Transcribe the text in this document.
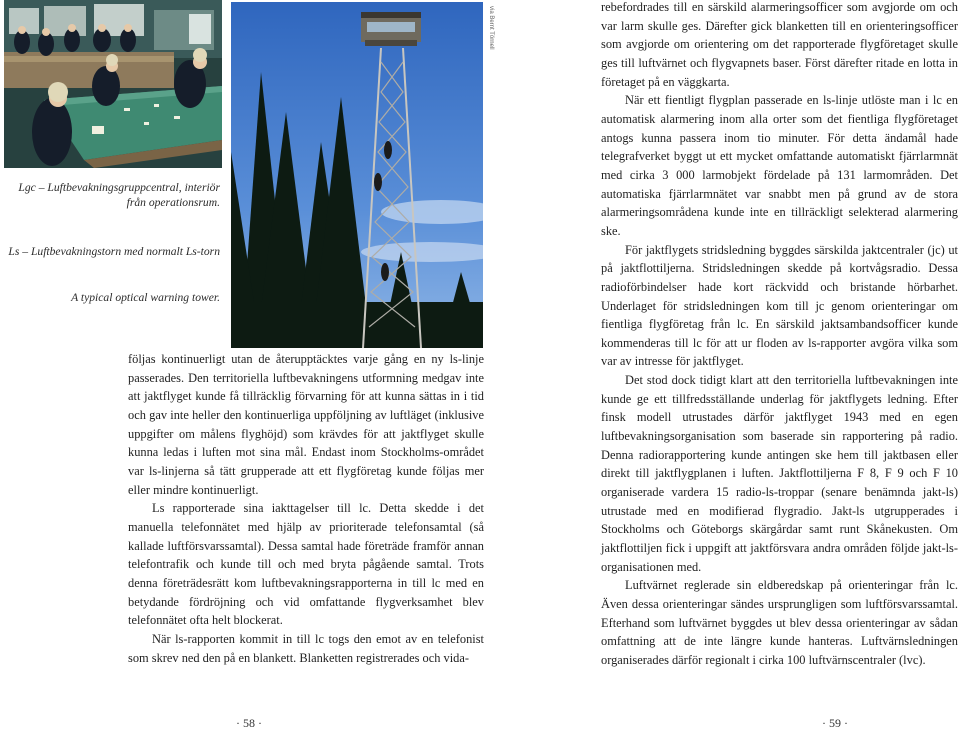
via Bernt Törnell
Lgc – Luftbevakningsgruppcentral, interiör från operationsrum.
Ls – Luftbevakningstorn med normalt Ls-torn
A typical optical warning tower.

följas kontinuerligt utan de återupptäcktes varje gång en ny ls-linje passerades. Den territoriella luftbevakningens utformning medgav inte att jaktflyget kunde få tillräcklig förvarning för att kunna sättas in i tid och gav inte heller den kontinuerliga uppföljning av luftläget (inklusive uppgifter om målens flyghöjd) som krävdes för att jaktflyget skulle kunna ledas i luften mot sina mål. Endast inom Stockholms-området var ls-linjerna så tätt grupperade att ett flygföretag kunde följas mer eller mindre kontinuerligt.

Ls rapporterade sina iakttagelser till lc. Detta skedde i det manuella telefonnätet med hjälp av prioriterade telefonsamtal (så kallade luftförsvarssamtal). Dessa samtal hade företräde framför annan telefontrafik och kunde till och med bryta pågående samtal. Trots denna företrädesrätt kom luftbevakningsrapporterna in till lc med en betydande fördröjning och vid omfattande flygverksamhet blev telefonnätet ofta helt blockerat.

När ls-rapporten kommit in till lc togs den emot av en telefonist som skrev ned den på en blankett. Blanketten registrerades och vida-

rebefordrades till en särskild alarmeringsofficer som avgjorde om och var larm skulle ges. Därefter gick blanketten till en orienteringsofficer som avgjorde om orientering om det rapporterade flygföretaget skulle ges till luftvärnet och flygvapnets baser. Först därefter ritade en lotta in företaget på en väggkarta.

När ett fientligt flygplan passerade en ls-linje utlöste man i lc en automatisk alarmering inom alla orter som det fientliga flygföretaget antogs kunna passera inom tio minuter. För detta ändamål hade telegrafverket byggt ut ett mycket omfattande automatiskt fjärrlarmnät med cirka 3 000 larmobjekt fördelade på 131 larmområden. Det automatiska fjärrlarmnätet var snabbt men på grund av de stora alarmeringsområdena kunde inte en tillräckligt selekterad alarmering ske.

För jaktflygets stridsledning byggdes särskilda jaktcentraler (jc) ut på jaktflottiljerna. Stridsledningen skedde på kortvågsradio. Dessa radioförbindelser hade kort räckvidd och bristande hörbarhet. Underlaget för stridsledningen kom till jc genom orienteringar om fientliga flygföretag från lc. En särskild jaktsambandsofficer kunde kommenderas till lc för att ur floden av ls-rapporter avgöra vilka som var av intresse för jaktflyget.

Det stod dock tidigt klart att den territoriella luftbevakningen inte kunde ge ett tillfredsställande underlag för jaktflygets ledning. Efter finsk modell utrustades därför jaktflyget 1943 med en egen luftbevakningsorganisation som baserade sin rapportering på radio. Denna radiorapportering kunde antingen ske hem till jaktbasen eller direkt till jaktflygplanen i luften. Jaktflottiljerna F 8, F 9 och F 10 organiserade vardera 15 radio-ls-troppar (senare benämnda jakt-ls) utrustade med en modifierad flygradio. Jakt-ls utgrupperades i Stockholms och Göteborgs skärgårdar samt runt Skånekusten. Om jaktflottiljen fick i uppgift att jaktförsvara andra områden följde jakt-ls-organisationen med.

Luftvärnet reglerade sin eldberedskap på orienteringar från lc. Även dessa orienteringar sändes ursprungligen som luftförsvarssamtal. Efterhand som luftvärnet byggdes ut blev dessa orienteringar av sådan omfattning att de inte längre kunde hanteras. Luftvärnsledningen organiserades därför regionalt i cirka 100 luftvärnscentraler (lvc).

· 58 ·	· 59 ·
